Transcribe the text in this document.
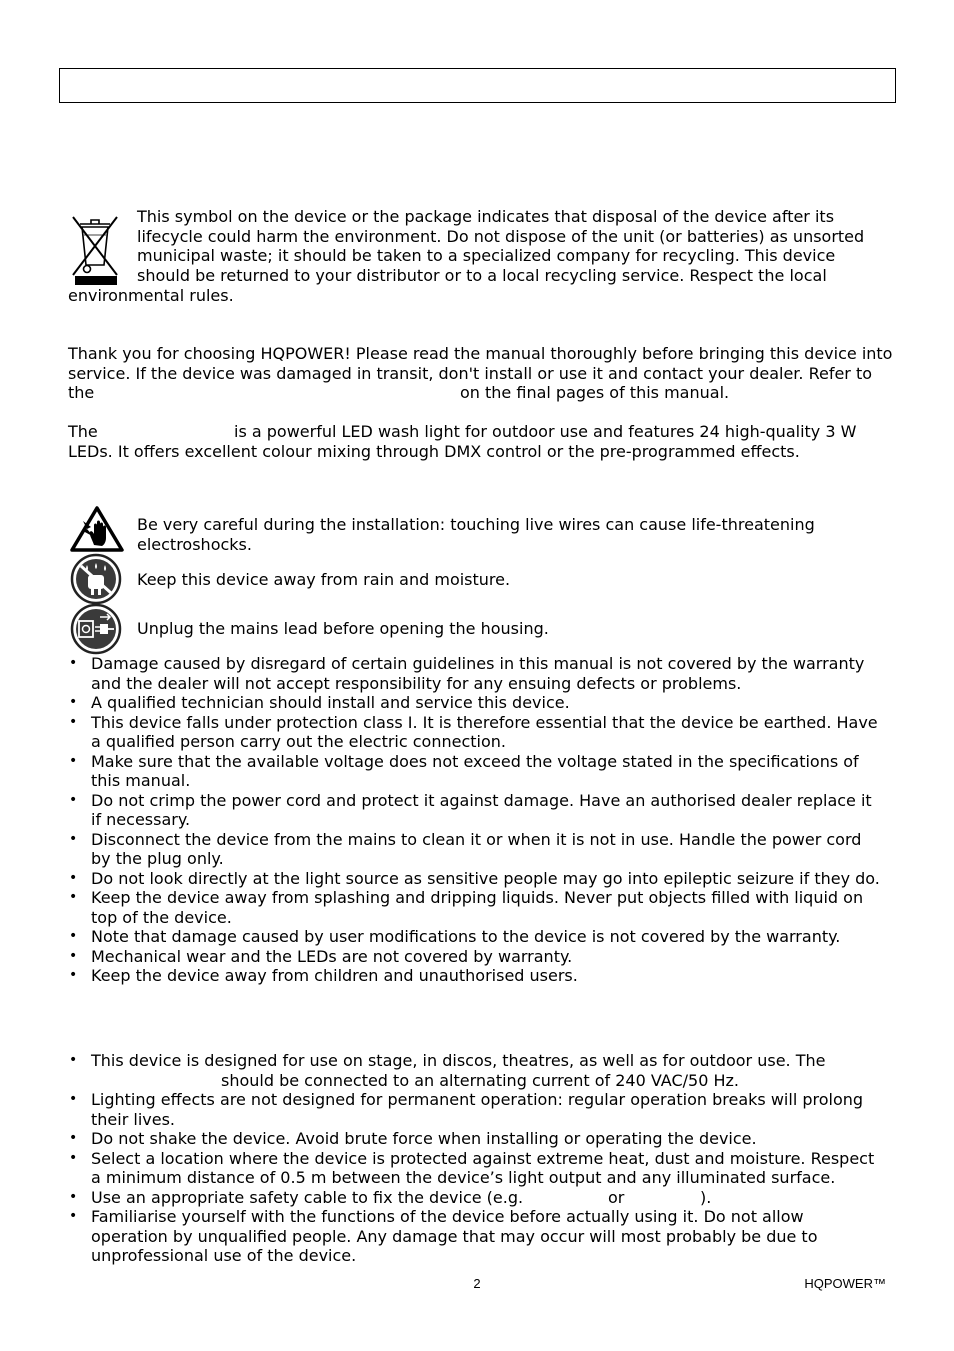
This symbol on the device or the package indicates that disposal of the device after its
lifecycle could harm the environment. Do not dispose of the unit (or batteries) as unsorted
municipal waste; it should be taken to a specialized company for recycling. This device
should be returned to your distributor or to a local recycling service. Respect the local
environmental rules.
Thank you for choosing HQPOWER! Please read the manual thoroughly before bringing this device into
service. If the device was damaged in transit, don't install or use it and contact your dealer. Refer to
the	on the final pages of this manual.
The	is a powerful LED wash light for outdoor use and features 24 high-quality 3 W
LEDs. It offers excellent colour mixing through DMX control or the pre-programmed effects.
Be very careful during the installation: touching live wires can cause life-threatening
electroshocks.
Keep this device away from rain and moisture.
Unplug the mains lead before opening the housing.
• Damage caused by disregard of certain guidelines in this manual is not covered by the warranty
and the dealer will not accept responsibility for any ensuing defects or problems.
• A qualified technician should install and service this device.
• This device falls under protection class I. It is therefore essential that the device be earthed. Have
a qualified person carry out the electric connection.
• Make sure that the available voltage does not exceed the voltage stated in the specifications of
this manual.
• Do not crimp the power cord and protect it against damage. Have an authorised dealer replace it
if necessary.
• Disconnect the device from the mains to clean it or when it is not in use. Handle the power cord
by the plug only.
• Do not look directly at the light source as sensitive people may go into epileptic seizure if they do.
• Keep the device away from splashing and dripping liquids. Never put objects filled with liquid on
top of the device.
• Note that damage caused by user modifications to the device is not covered by the warranty.
• Mechanical wear and the LEDs are not covered by warranty.
• Keep the device away from children and unauthorised users.
• This device is designed for use on stage, in discos, theatres, as well as for outdoor use. The
should be connected to an alternating current of 240 VAC/50 Hz.
• Lighting effects are not designed for permanent operation: regular operation breaks will prolong
their lives.
• Do not shake the device. Avoid brute force when installing or operating the device.
• Select a location where the device is protected against extreme heat, dust and moisture. Respect
a minimum distance of 0.5 m between the device’s light output and any illuminated surface.
• Use an appropriate safety cable to fix the device (e.g.	or	).
• Familiarise yourself with the functions of the device before actually using it. Do not allow
operation by unqualified people. Any damage that may occur will most probably be due to
unprofessional use of the device.
2	HQPOWER™
